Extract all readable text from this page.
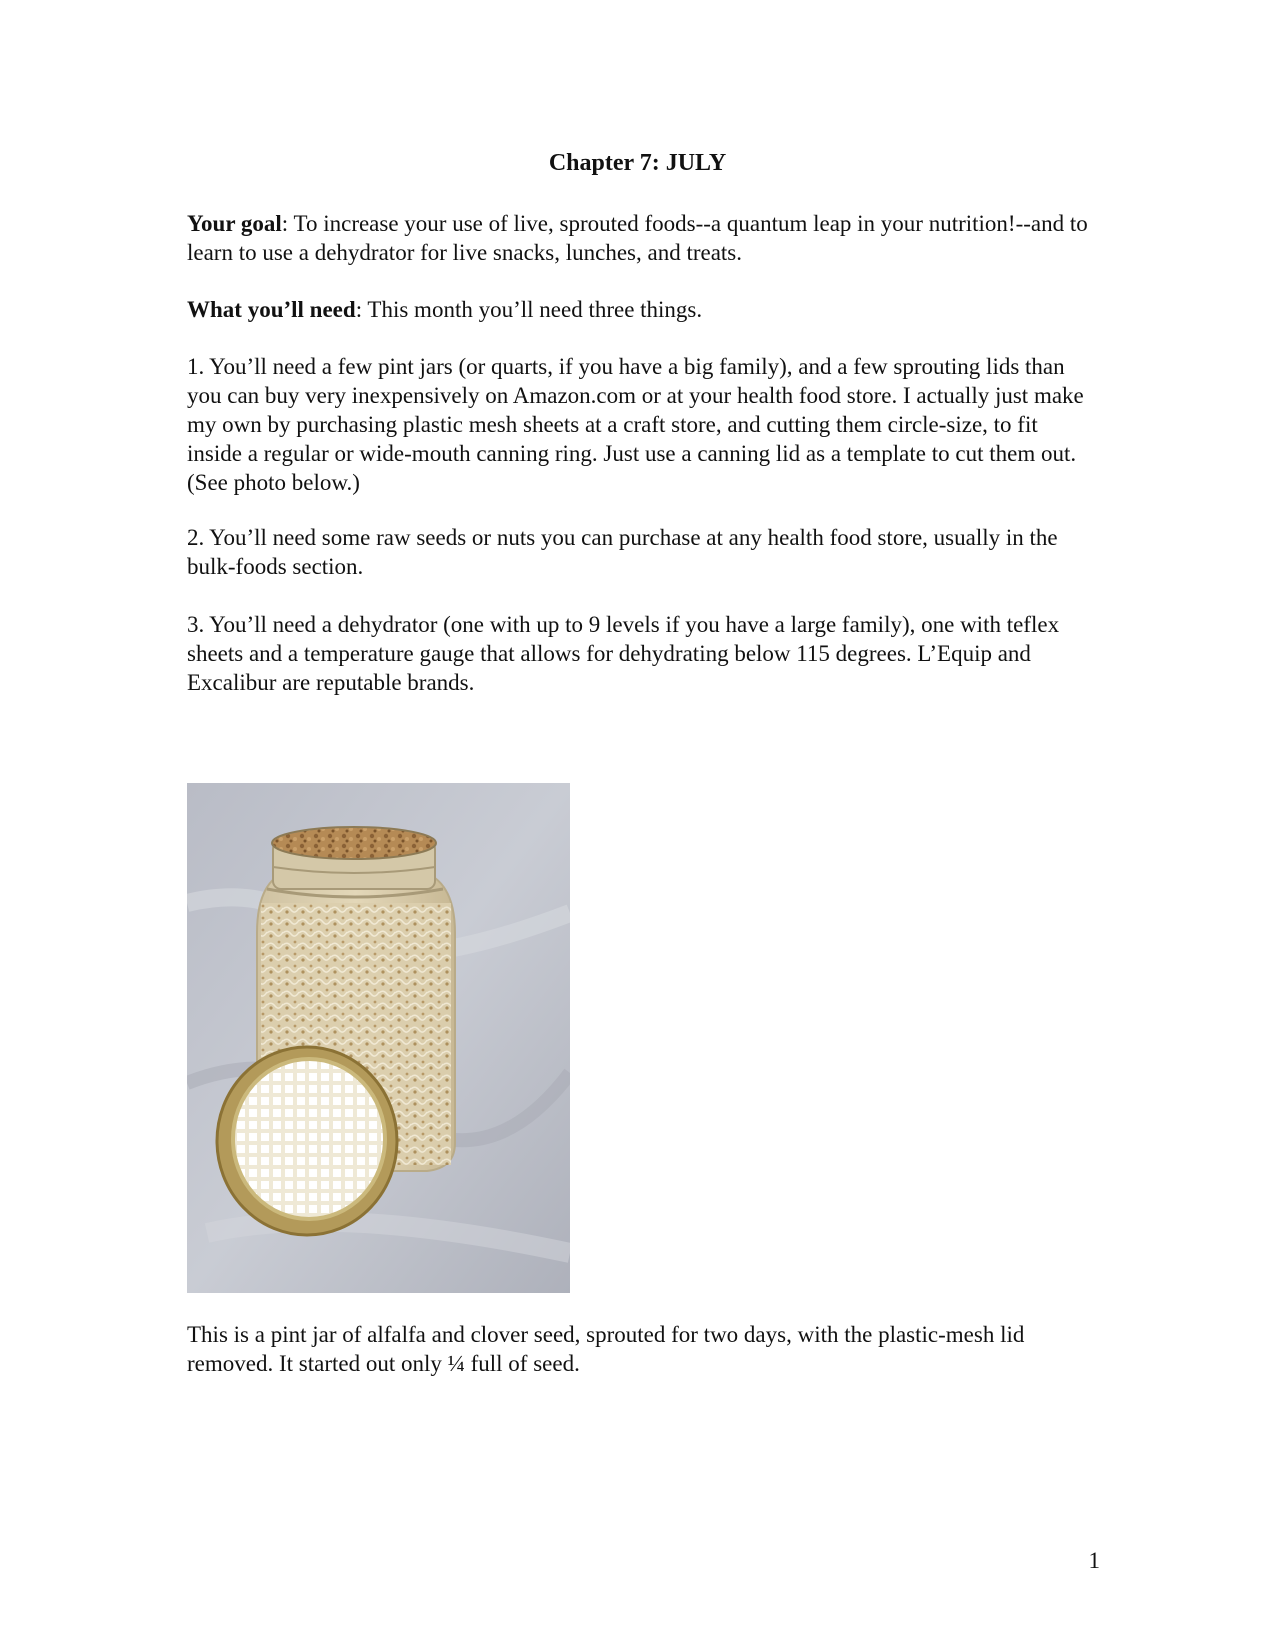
Chapter 7: JULY

Your goal: To increase your use of live, sprouted foods--a quantum leap in your nutrition!--and to learn to use a dehydrator for live snacks, lunches, and treats.

What you’ll need: This month you’ll need three things.

1. You’ll need a few pint jars (or quarts, if you have a big family), and a few sprouting lids than you can buy very inexpensively on Amazon.com or at your health food store. I actually just make my own by purchasing plastic mesh sheets at a craft store, and cutting them circle-size, to fit inside a regular or wide-mouth canning ring. Just use a canning lid as a template to cut them out. (See photo below.)

2. You’ll need some raw seeds or nuts you can purchase at any health food store, usually in the bulk-foods section.

3. You’ll need a dehydrator (one with up to 9 levels if you have a large family), one with teflex sheets and a temperature gauge that allows for dehydrating below 115 degrees. L’Equip and Excalibur are reputable brands.

This is a pint jar of alfalfa and clover seed, sprouted for two days, with the plastic-mesh lid removed. It started out only ¼ full of seed.

1
